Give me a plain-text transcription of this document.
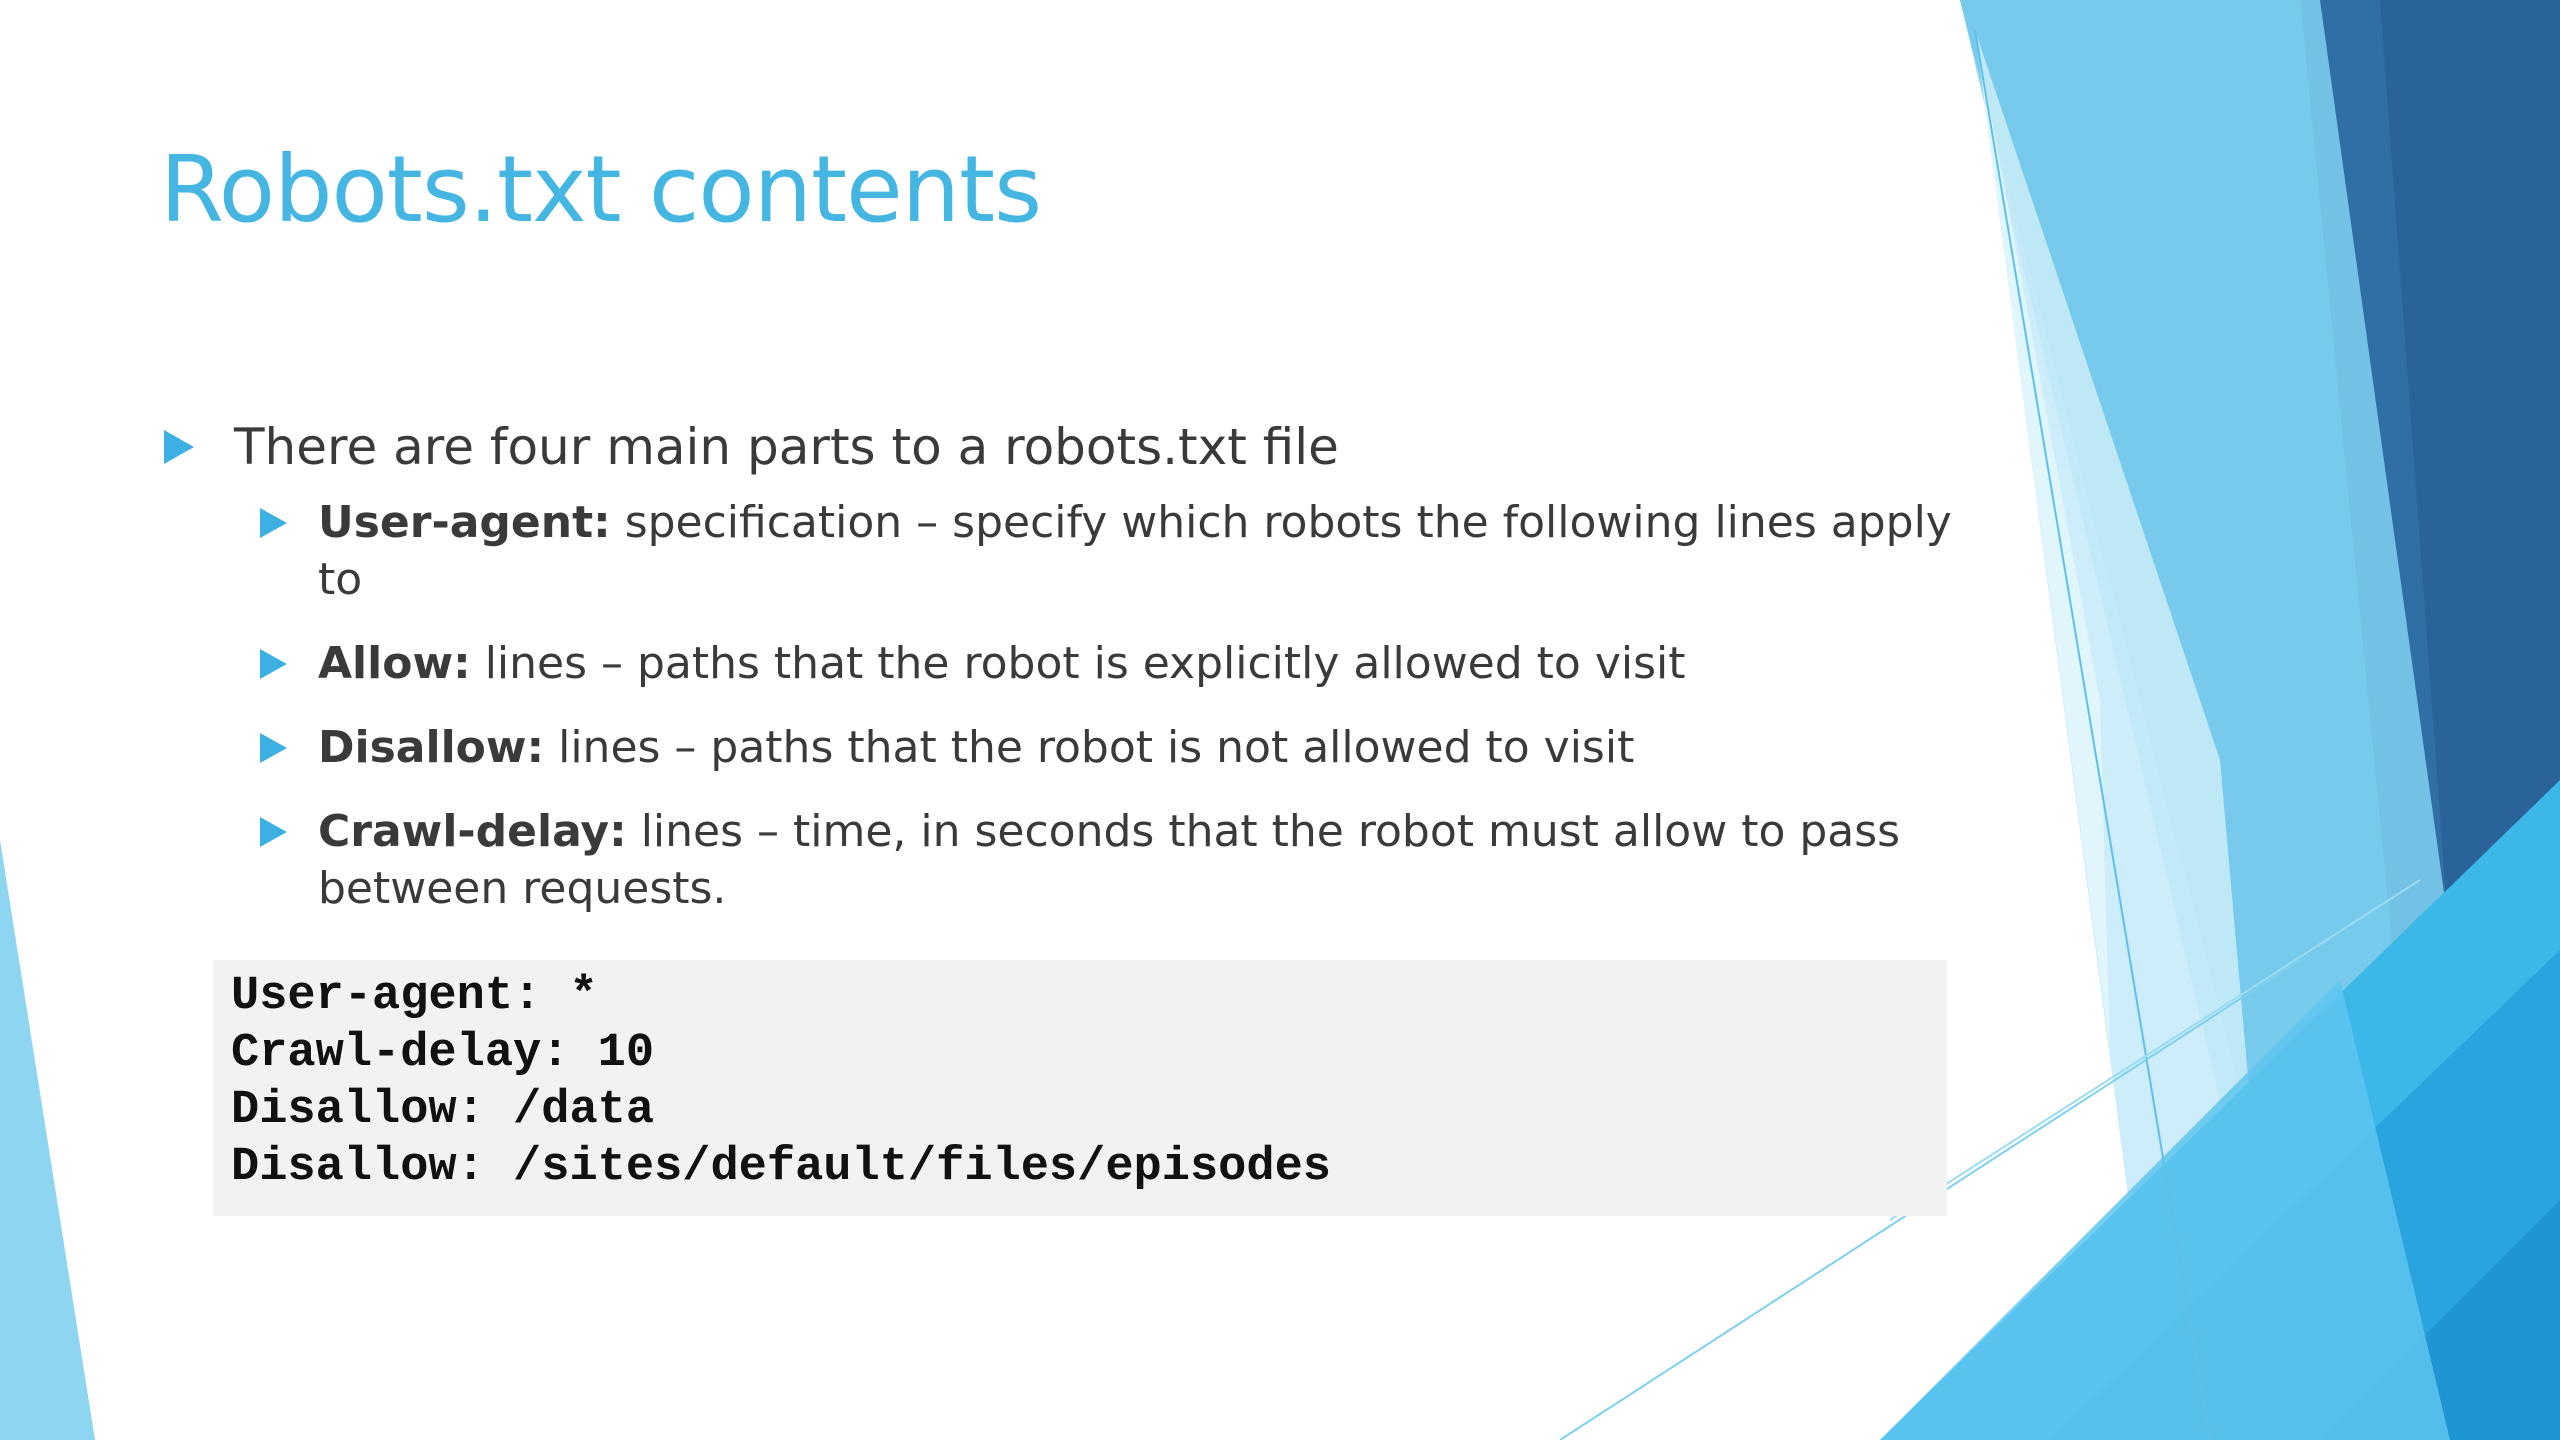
Robots.txt contents
There are four main parts to a robots.txt file
User-agent: specification – specify which robots the following lines apply to
Allow: lines – paths that the robot is explicitly allowed to visit
Disallow: lines – paths that the robot is not allowed to visit
Crawl-delay: lines – time, in seconds that the robot must allow to pass between requests.
User-agent: *
Crawl-delay: 10
Disallow: /data
Disallow: /sites/default/files/episodes
